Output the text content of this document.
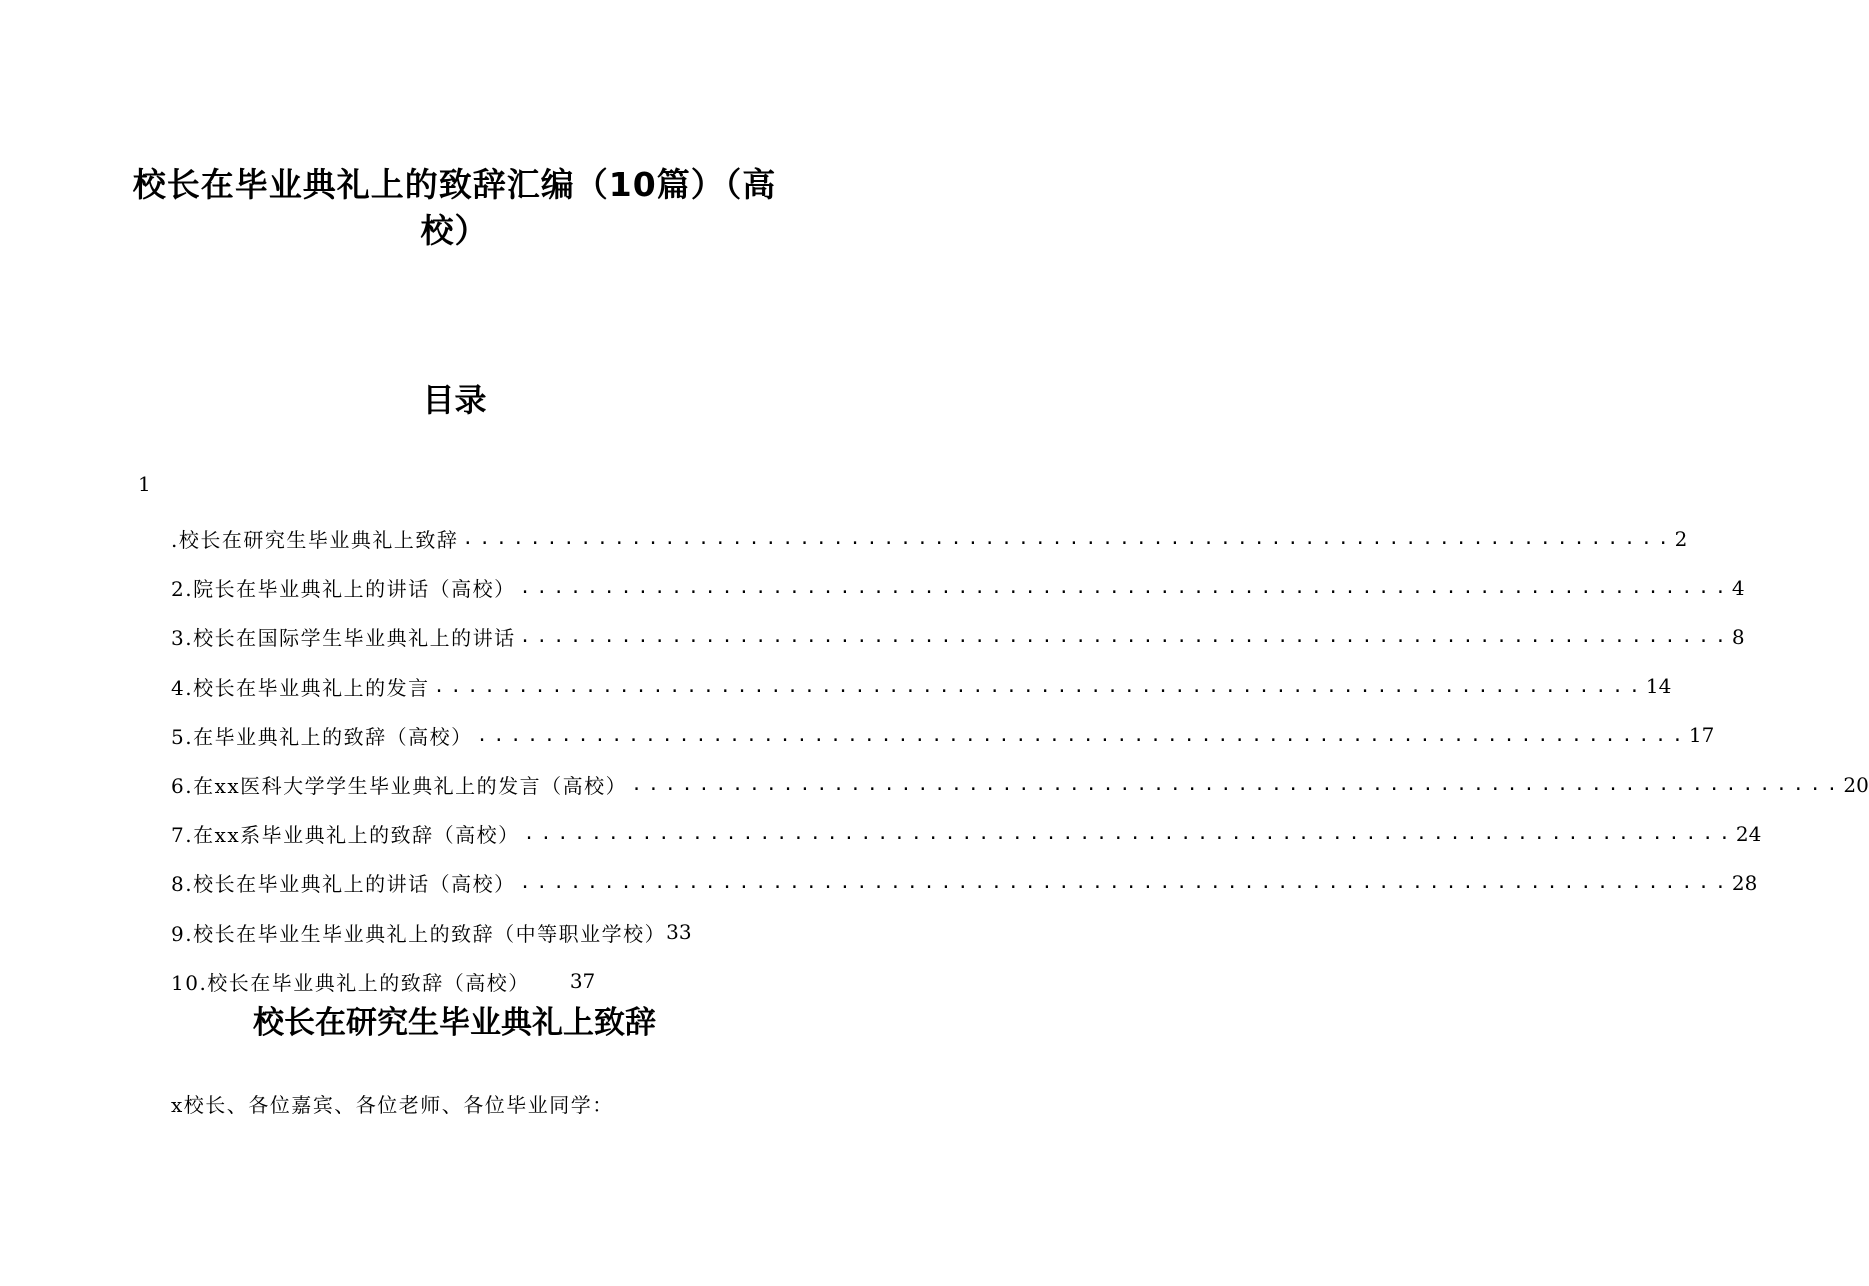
校长在毕业典礼上的致辞汇编（10篇）（高校）
目录
1
.校长在研究生毕业典礼上致辞 ........................................................................ 2
2.院长在毕业典礼上的讲话（高校） ........................................................................ 4
3.校长在国际学生毕业典礼上的讲话 ........................................................................ 8
4.校长在毕业典礼上的发言 ........................................................................ 14
5.在毕业典礼上的致辞（高校） ........................................................................ 17
6.在xx医科大学学生毕业典礼上的发言（高校） ........................................................................ 20
7.在xx系毕业典礼上的致辞（高校） ........................................................................ 24
8.校长在毕业典礼上的讲话（高校） ........................................................................ 28
9.校长在毕业生毕业典礼上的致辞（中等职业学校） 33
10.校长在毕业典礼上的致辞（高校） 37
校长在研究生毕业典礼上致辞
x校长、各位嘉宾、各位老师、各位毕业同学：
